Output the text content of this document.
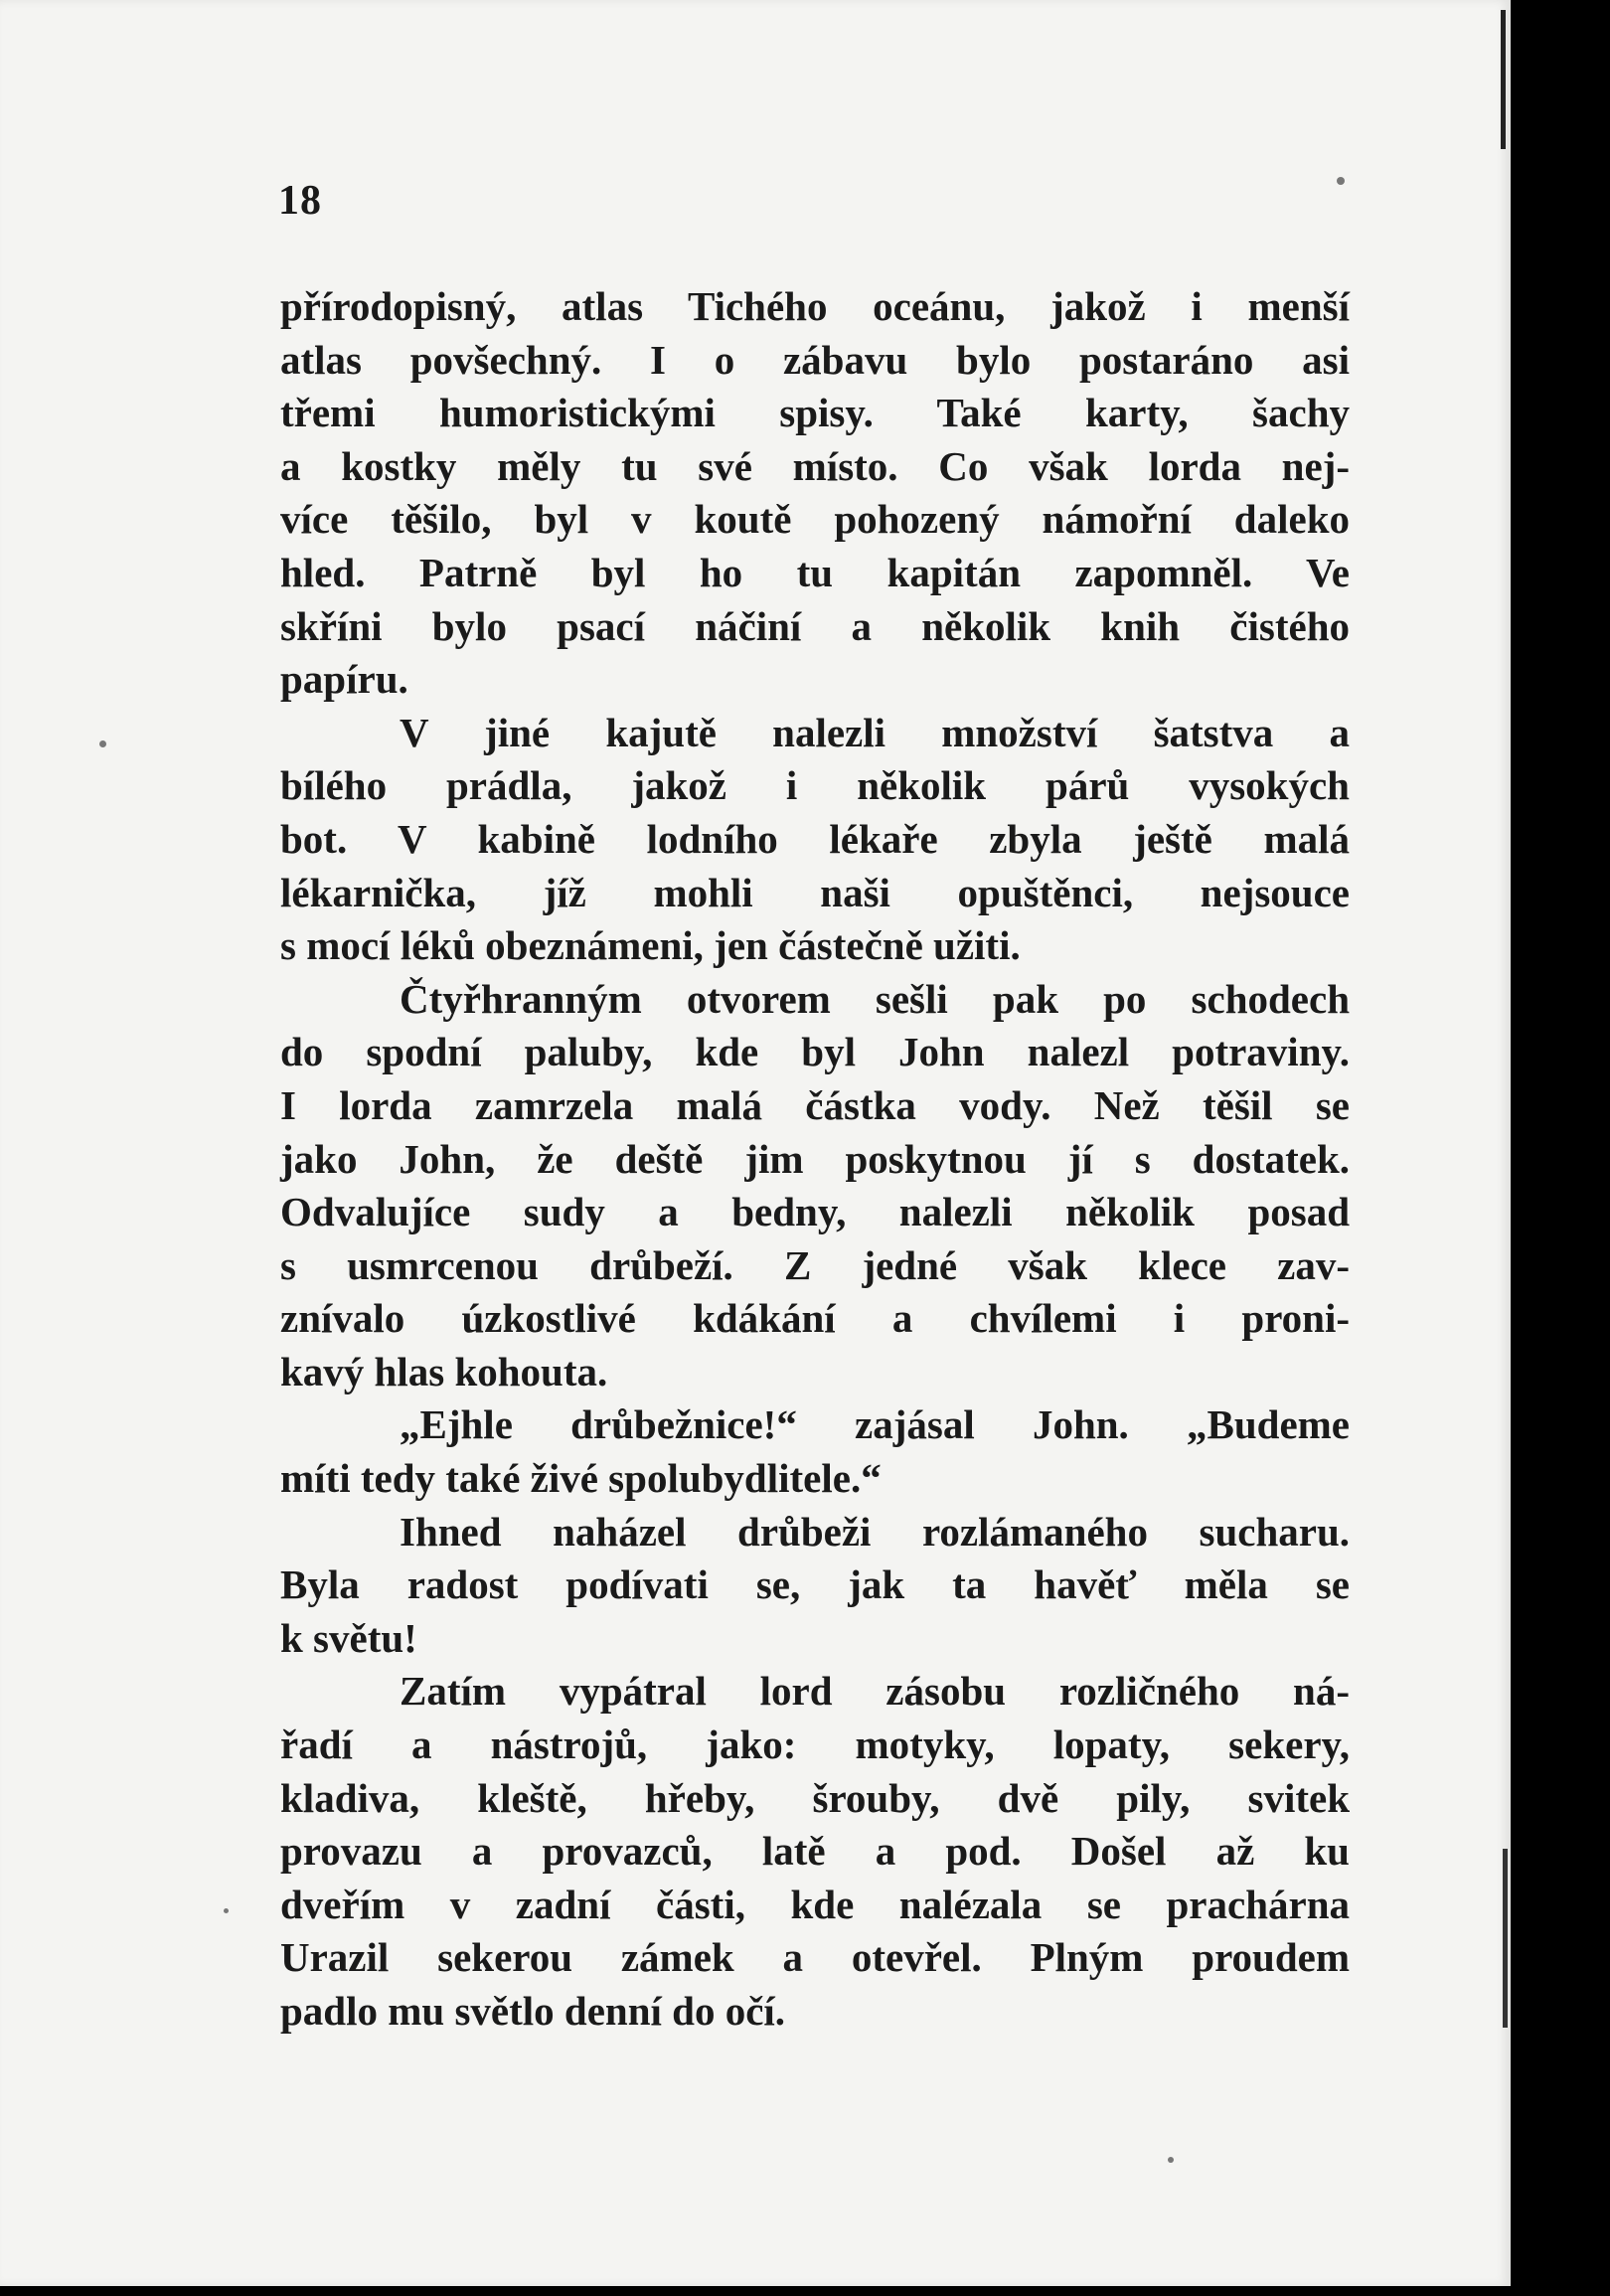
18
přírodopisný, atlas Tichého oceánu, jakož i menší
atlas povšechný. I o zábavu bylo postaráno asi
třemi humoristickými spisy. Také karty, šachy
a kostky měly tu své místo. Co však lorda nej-
více těšilo, byl v koutě pohozený námořní daleko
hled. Patrně byl ho tu kapitán zapomněl. Ve
skříni bylo psací náčiní a několik knih čistého
papíru.
V jiné kajutě nalezli množství šatstva a
bílého prádla, jakož i několik párů vysokých
bot. V kabině lodního lékaře zbyla ještě malá
lékarnička, jíž mohli naši opuštěnci, nejsouce
s mocí léků obeznámeni, jen částečně užiti.
Čtyřhranným otvorem sešli pak po schodech
do spodní paluby, kde byl John nalezl potraviny.
I lorda zamrzela malá částka vody. Než těšil se
jako John, že deště jim poskytnou jí s dostatek.
Odvalujíce sudy a bedny, nalezli několik posad
s usmrcenou drůbeží. Z jedné však klece zav-
znívalo úzkostlivé kdákání a chvílemi i proni-
kavý hlas kohouta.
„Ejhle drůbežnice!“ zajásal John. „Budeme
míti tedy také živé spolubydlitele.“
Ihned naházel drůbeži rozlámaného sucharu.
Byla radost podívati se, jak ta havěť měla se
k světu!
Zatím vypátral lord zásobu rozličného ná-
řadí a nástrojů, jako: motyky, lopaty, sekery,
kladiva, kleště, hřeby, šrouby, dvě pily, svitek
provazu a provazců, latě a pod. Došel až ku
dveřím v zadní části, kde nalézala se prachárna
Urazil sekerou zámek a otevřel. Plným proudem
padlo mu světlo denní do očí.
